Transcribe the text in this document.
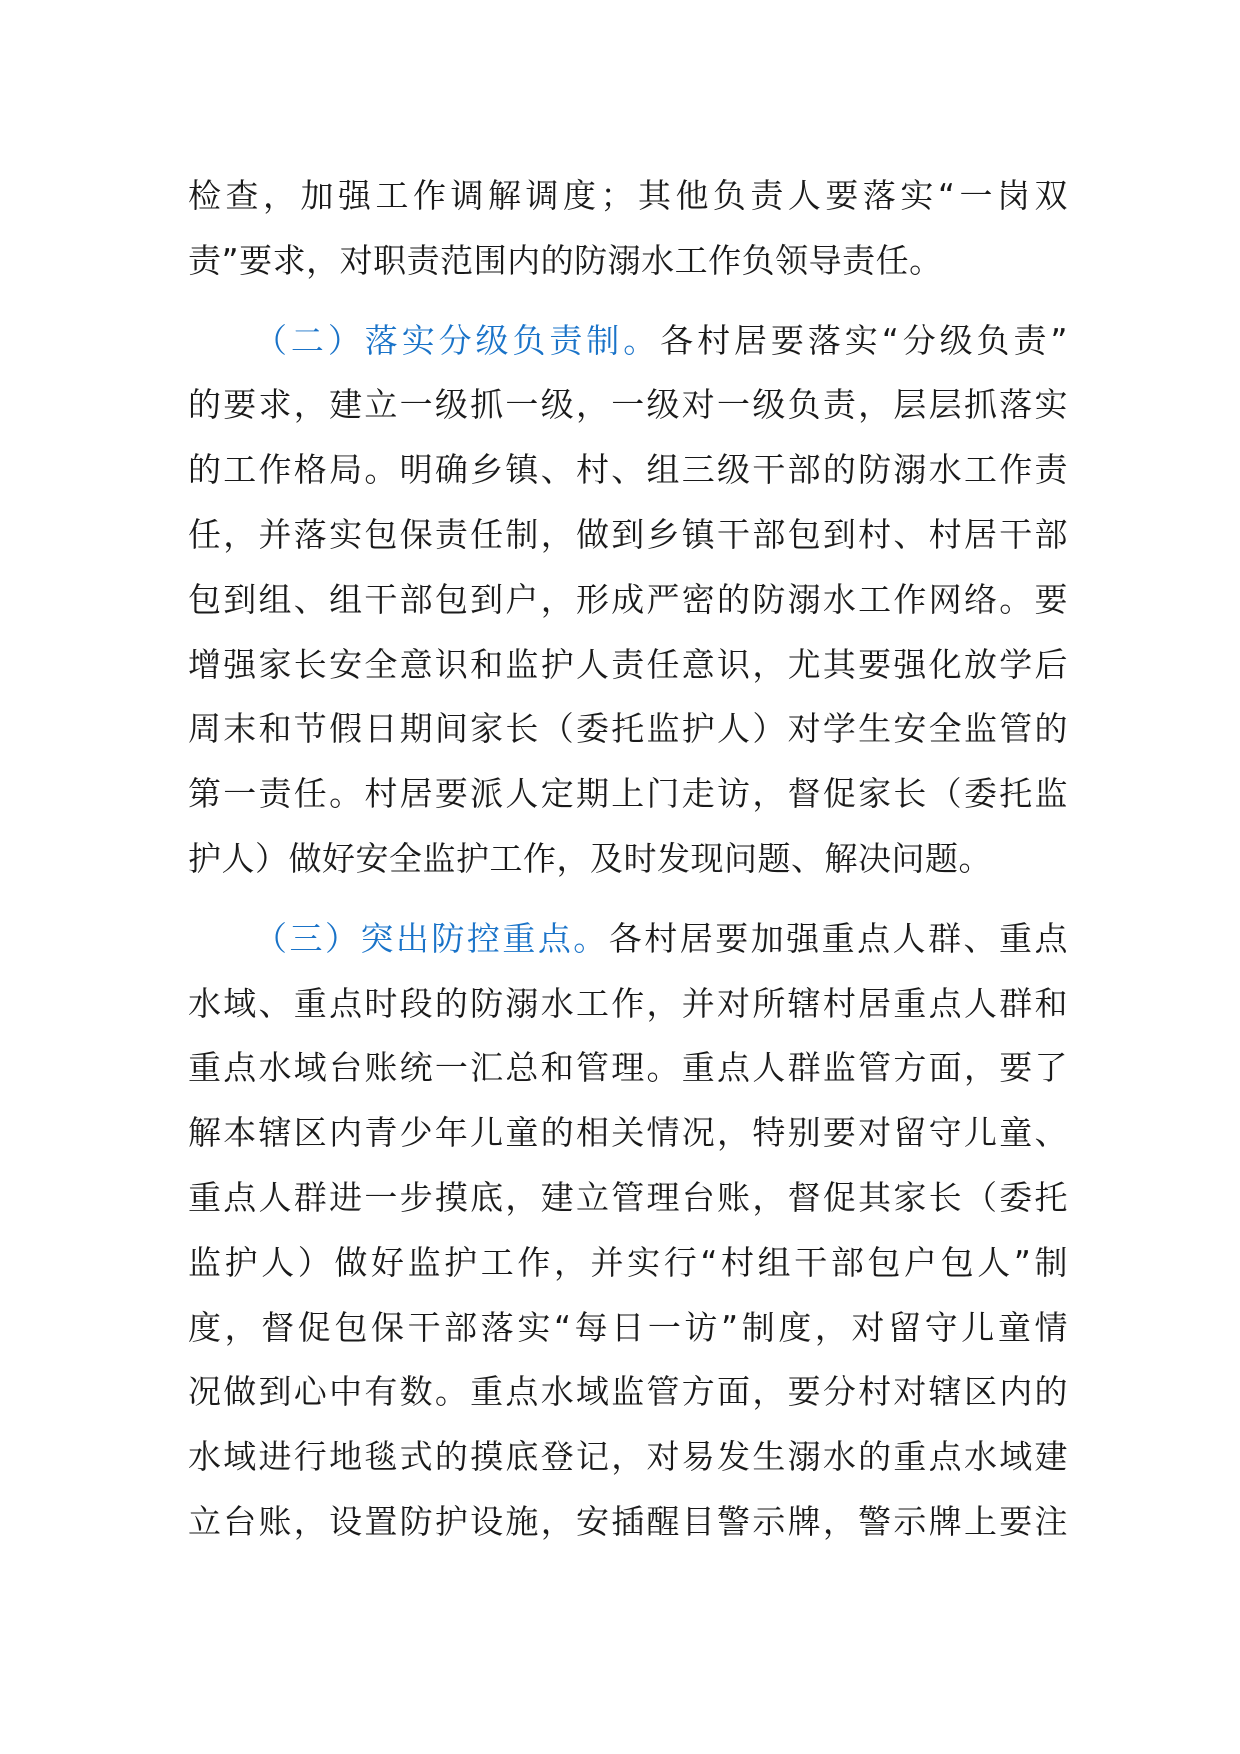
检查，加强工作调解调度；其他负责人要落实“一岗双
责”要求，对职责范围内的防溺水工作负领导责任。
（二）落实分级负责制。各村居要落实“分级负责”
的要求，建立一级抓一级，一级对一级负责，层层抓落实
的工作格局。明确乡镇、村、组三级干部的防溺水工作责
任，并落实包保责任制，做到乡镇干部包到村、村居干部
包到组、组干部包到户，形成严密的防溺水工作网络。要
增强家长安全意识和监护人责任意识，尤其要强化放学后
周末和节假日期间家长（委托监护人）对学生安全监管的
第一责任。村居要派人定期上门走访，督促家长（委托监
护人）做好安全监护工作，及时发现问题、解决问题。
（三）突出防控重点。各村居要加强重点人群、重点
水域、重点时段的防溺水工作，并对所辖村居重点人群和
重点水域台账统一汇总和管理。重点人群监管方面，要了
解本辖区内青少年儿童的相关情况，特别要对留守儿童、
重点人群进一步摸底，建立管理台账，督促其家长（委托
监护人）做好监护工作，并实行“村组干部包户包人”制
度，督促包保干部落实“每日一访”制度，对留守儿童情
况做到心中有数。重点水域监管方面，要分村对辖区内的
水域进行地毯式的摸底登记，对易发生溺水的重点水域建
立台账，设置防护设施，安插醒目警示牌，警示牌上要注
